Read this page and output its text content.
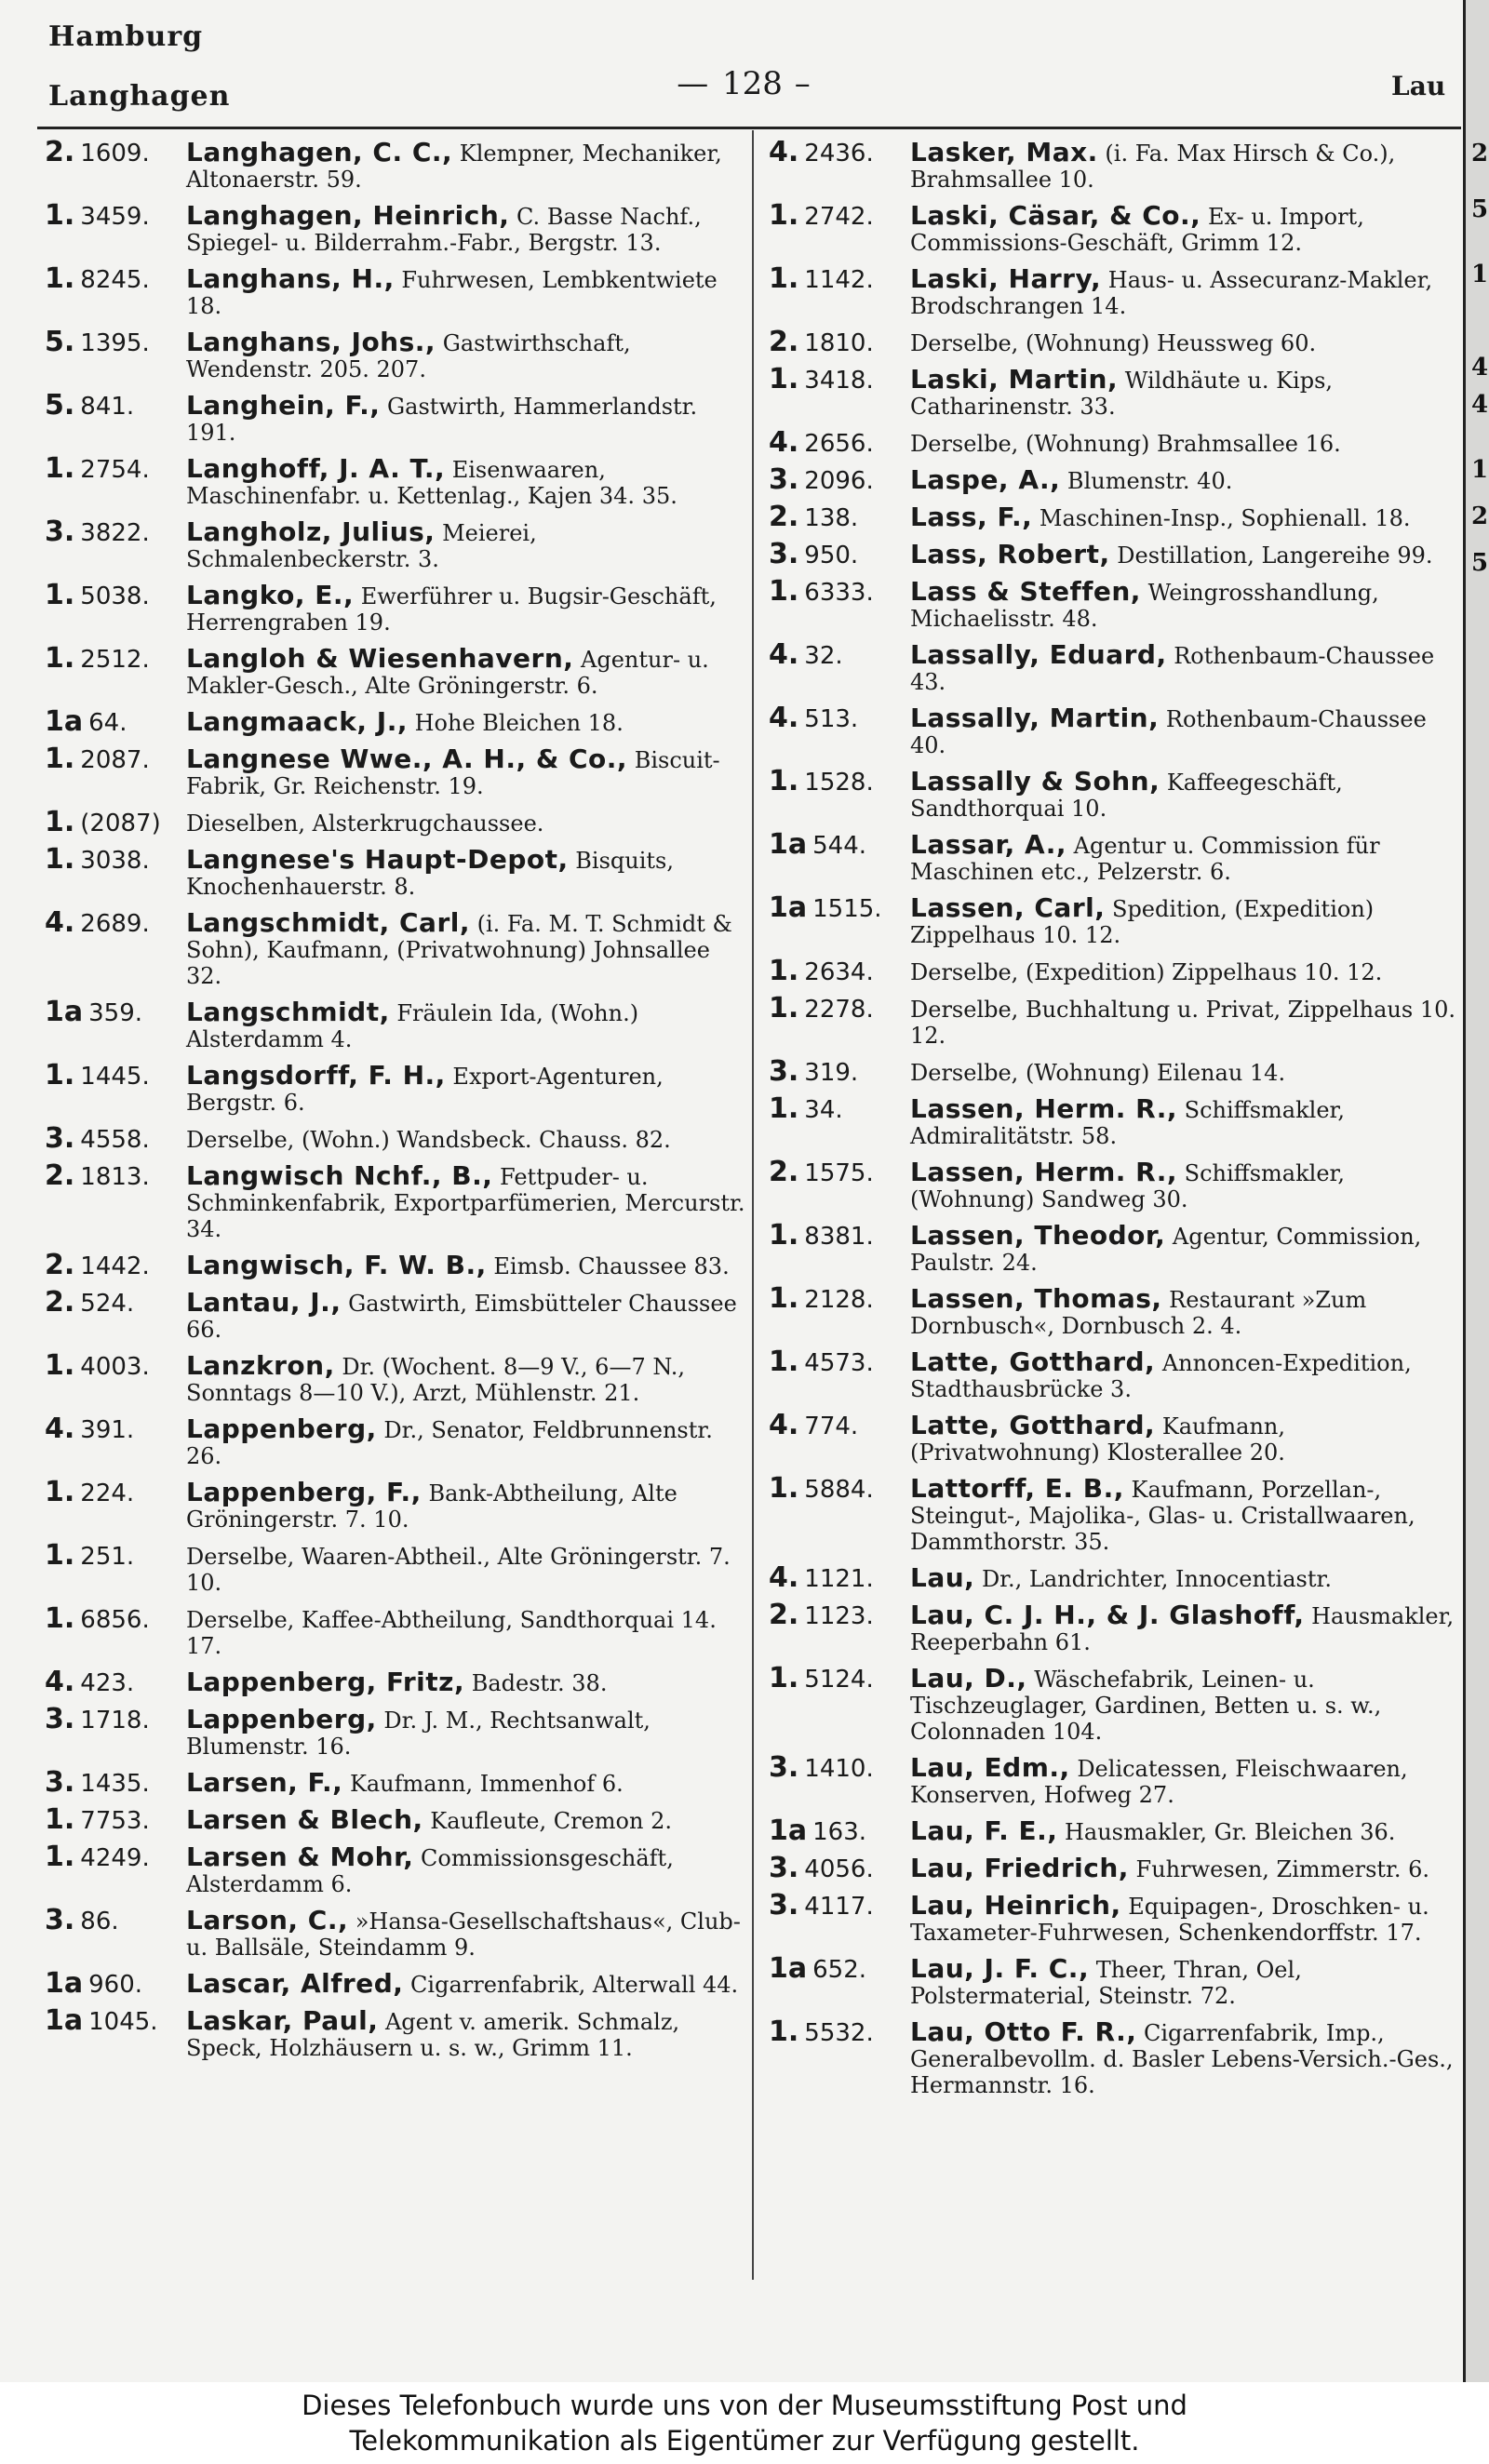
Hamburg
Langhagen	— 128 –	Lau
2. 1609.	Langhagen, C. C., Klempner, Mechaniker, Altonaerstr. 59.
1. 3459.	Langhagen, Heinrich, C. Basse Nachf., Spiegel- u. Bilderrahm.-Fabr., Bergstr. 13.
1. 8245.	Langhans, H., Fuhrwesen, Lembkentwiete 18.
5. 1395.	Langhans, Johs., Gastwirthschaft, Wendenstr. 205. 207.
5. 841.	Langhein, F., Gastwirth, Hammerlandstr. 191.
1. 2754.	Langhoff, J. A. T., Eisenwaaren, Maschinenfabr. u. Kettenlag., Kajen 34. 35.
3. 3822.	Langholz, Julius, Meierei, Schmalenbeckerstr. 3.
1. 5038.	Langko, E., Ewerführer u. Bugsir-Geschäft, Herrengraben 19.
1. 2512.	Langloh & Wiesenhavern, Agentur- u. Makler-Gesch., Alte Gröningerstr. 6.
1a 64.	Langmaack, J., Hohe Bleichen 18.
1. 2087.	Langnese Wwe., A. H., & Co., Biscuit-Fabrik, Gr. Reichenstr. 19.
1. (2087)	Dieselben, Alsterkrugchaussee.
1. 3038.	Langnese's Haupt-Depot, Bisquits, Knochenhauerstr. 8.
4. 2689.	Langschmidt, Carl, (i. Fa. M. T. Schmidt & Sohn), Kaufmann, (Privatwohnung) Johnsallee 32.
1a 359.	Langschmidt, Fräulein Ida, (Wohn.) Alsterdamm 4.
1. 1445.	Langsdorff, F. H., Export-Agenturen, Bergstr. 6.
3. 4558.	Derselbe, (Wohn.) Wandsbeck. Chauss. 82.
2. 1813.	Langwisch Nchf., B., Fettpuder- u. Schminkenfabrik, Exportparfümerien, Mercurstr. 34.
2. 1442.	Langwisch, F. W. B., Eimsb. Chaussee 83.
2. 524.	Lantau, J., Gastwirth, Eimsbütteler Chaussee 66.
1. 4003.	Lanzkron, Dr. (Wochent. 8—9 V., 6—7 N., Sonntags 8—10 V.), Arzt, Mühlenstr. 21.
4. 391.	Lappenberg, Dr., Senator, Feldbrunnenstr. 26.
1. 224.	Lappenberg, F., Bank-Abtheilung, Alte Gröningerstr. 7. 10.
1. 251.	Derselbe, Waaren-Abtheil., Alte Gröningerstr. 7. 10.
1. 6856.	Derselbe, Kaffee-Abtheilung, Sandthorquai 14. 17.
4. 423.	Lappenberg, Fritz, Badestr. 38.
3. 1718.	Lappenberg, Dr. J. M., Rechtsanwalt, Blumenstr. 16.
3. 1435.	Larsen, F., Kaufmann, Immenhof 6.
1. 7753.	Larsen & Blech, Kaufleute, Cremon 2.
1. 4249.	Larsen & Mohr, Commissionsgeschäft, Alsterdamm 6.
3. 86.	Larson, C., »Hansa-Gesellschaftshaus«, Club- u. Ballsäle, Steindamm 9.
1a 960.	Lascar, Alfred, Cigarrenfabrik, Alterwall 44.
1a 1045.	Laskar, Paul, Agent v. amerik. Schmalz, Speck, Holzhäusern u. s. w., Grimm 11.
4. 2436.	Lasker, Max. (i. Fa. Max Hirsch & Co.), Brahmsallee 10.
1. 2742.	Laski, Cäsar, & Co., Ex- u. Import, Commissions-Geschäft, Grimm 12.
1. 1142.	Laski, Harry, Haus- u. Assecuranz-Makler, Brodschrangen 14.
2. 1810.	Derselbe, (Wohnung) Heussweg 60.
1. 3418.	Laski, Martin, Wildhäute u. Kips, Catharinenstr. 33.
4. 2656.	Derselbe, (Wohnung) Brahmsallee 16.
3. 2096.	Laspe, A., Blumenstr. 40.
2. 138.	Lass, F., Maschinen-Insp., Sophienall. 18.
3. 950.	Lass, Robert, Destillation, Langereihe 99.
1. 6333.	Lass & Steffen, Weingrosshandlung, Michaelisstr. 48.
4. 32.	Lassally, Eduard, Rothenbaum-Chaussee 43.
4. 513.	Lassally, Martin, Rothenbaum-Chaussee 40.
1. 1528.	Lassally & Sohn, Kaffeegeschäft, Sandthorquai 10.
1a 544.	Lassar, A., Agentur u. Commission für Maschinen etc., Pelzerstr. 6.
1a 1515.	Lassen, Carl, Spedition, (Expedition) Zippelhaus 10. 12.
1. 2634.	Derselbe, (Expedition) Zippelhaus 10. 12.
1. 2278.	Derselbe, Buchhaltung u. Privat, Zippelhaus 10. 12.
3. 319.	Derselbe, (Wohnung) Eilenau 14.
1. 34.	Lassen, Herm. R., Schiffsmakler, Admiralitätstr. 58.
2. 1575.	Lassen, Herm. R., Schiffsmakler, (Wohnung) Sandweg 30.
1. 8381.	Lassen, Theodor, Agentur, Commission, Paulstr. 24.
1. 2128.	Lassen, Thomas, Restaurant »Zum Dornbusch«, Dornbusch 2. 4.
1. 4573.	Latte, Gotthard, Annoncen-Expedition, Stadthausbrücke 3.
4. 774.	Latte, Gotthard, Kaufmann, (Privatwohnung) Klosterallee 20.
1. 5884.	Lattorff, E. B., Kaufmann, Porzellan-, Steingut-, Majolika-, Glas- u. Cristallwaaren, Dammthorstr. 35.
4. 1121.	Lau, Dr., Landrichter, Innocentiastr.
2. 1123.	Lau, C. J. H., & J. Glashoff, Hausmakler, Reeperbahn 61.
1. 5124.	Lau, D., Wäschefabrik, Leinen- u. Tischzeuglager, Gardinen, Betten u. s. w., Colonnaden 104.
3. 1410.	Lau, Edm., Delicatessen, Fleischwaaren, Konserven, Hofweg 27.
1a 163.	Lau, F. E., Hausmakler, Gr. Bleichen 36.
3. 4056.	Lau, Friedrich, Fuhrwesen, Zimmerstr. 6.
3. 4117.	Lau, Heinrich, Equipagen-, Droschken- u. Taxameter-Fuhrwesen, Schenkendorffstr. 17.
1a 652.	Lau, J. F. C., Theer, Thran, Oel, Polstermaterial, Steinstr. 72.
1. 5532.	Lau, Otto F. R., Cigarrenfabrik, Imp., Generalbevollm. d. Basler Lebens-Versich.-Ges., Hermannstr. 16.
2
5
1
4
4
1
2
5
Dieses Telefonbuch wurde uns von der Museumsstiftung Post und
Telekommunikation als Eigentümer zur Verfügung gestellt.
